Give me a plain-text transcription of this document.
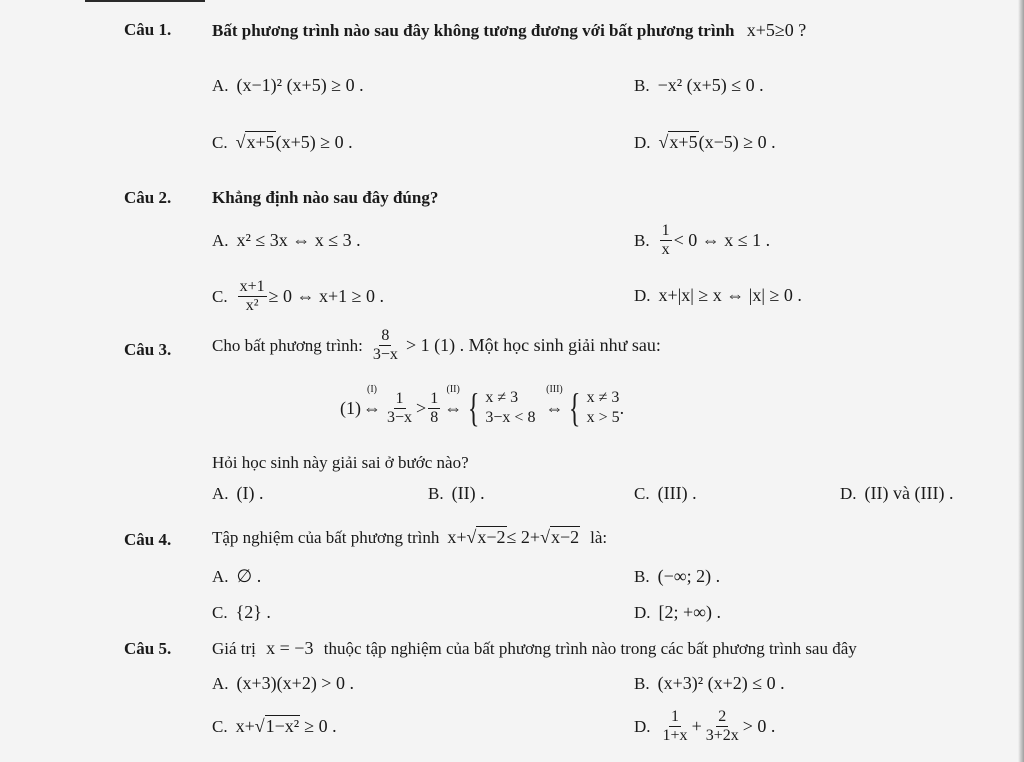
Câu 1. Bất phương trình nào sau đây không tương đương với bất phương trình x+5≥0 ?
A. (x−1)² (x+5) ≥ 0 .	B. −x² (x+5) ≤ 0 .
C. √x+5 (x+5) ≥ 0 .	D. √x+5 (x−5) ≥ 0 .
Câu 2. Khẳng định nào sau đây đúng?
A. x² ≤ 3x ⇔ x ≤ 3 .	B. $\frac{1}{x} < 0$ ⇔ x ≤ 1 .
C. $\frac{x+1}{\text{x²}} \ge 0$ ⇔ x+1 ≥ 0 .	D. x+|x| ≥ x ⇔ |x| ≥ 0 .
Câu 3. Cho bất phương trình: $\frac{8}{3-x} > 1$ (1) . Một học sinh giải như sau:
(1) ⇔
(I)
$\frac{1}{3-x} > \frac{1}{8}$ ⇔
(II) { x ≠ 3
3−x < 8 ⇔
(III) { x ≠ 3
x > 5 .
Hỏi học sinh này giải sai ở bước nào?
A. (I) .	B. (II) .	C. (III) .	D. (II) và (III) .
Câu 4. Tập nghiệm của bất phương trình x+ √x−2 ≤ 2+ √x−2 là:
A. ∅ .	B. (−∞; 2) .
C. {2} .	D. [2; +∞) .
Câu 5. Giá trị x = −3 thuộc tập nghiệm của bất phương trình nào trong các bất phương trình sau đây
A. (x+3)(x+2) > 0 .	B. (x+3)² (x+2) ≤ 0 .
C. x+ √1−x² ≥ 0 .	D. $\frac{1}{1+x} + \frac{2}{3+2x} > 0$ .
